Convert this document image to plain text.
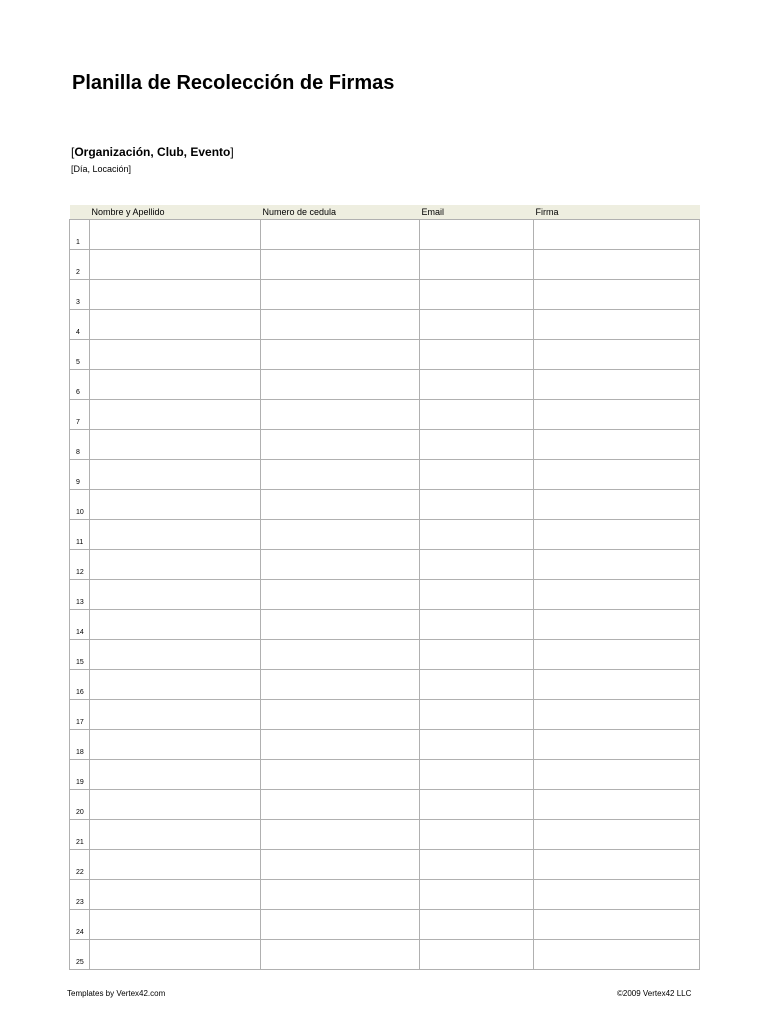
Planilla de Recolección de Firmas
[Organización, Club, Evento]
[Día, Locación]
	Nombre y Apellido	Numero de cedula	Email	Firma
1				
2				
3				
4				
5				
6				
7				
8				
9				
10				
11				
12				
13				
14				
15				
16				
17				
18				
19				
20				
21				
22				
23				
24				
25				
Templates by Vertex42.com	©2009 Vertex42 LLC
